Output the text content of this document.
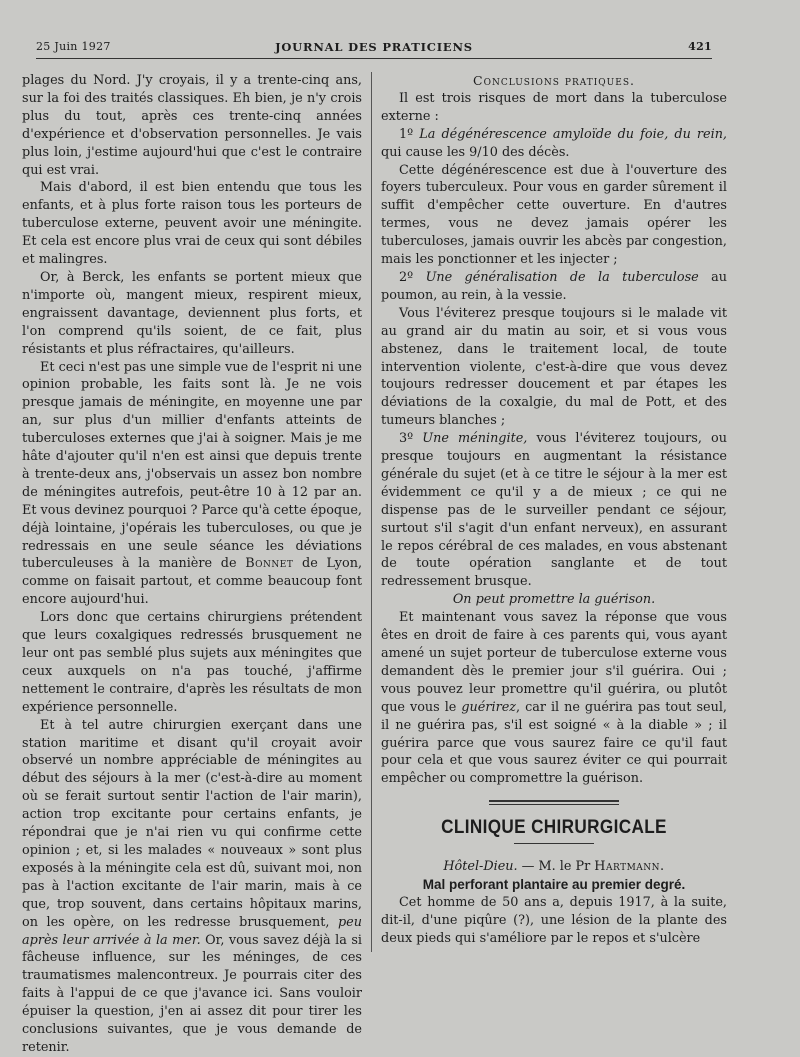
25 Juin 1927	JOURNAL DES PRATICIENS	421

plages du Nord. J'y croyais, il y a trente-cinq ans, sur la foi des traités classiques. Eh bien, je n'y crois plus du tout, après ces trente-cinq années d'expérience et d'observation personnelles. Je vais plus loin, j'estime aujourd'hui que c'est le contraire qui est vrai.

Mais d'abord, il est bien entendu que tous les enfants, et à plus forte raison tous les porteurs de tuberculose externe, peuvent avoir une méningite. Et cela est encore plus vrai de ceux qui sont débiles et malingres.

Or, à Berck, les enfants se portent mieux que n'importe où, mangent mieux, respirent mieux, engraissent davantage, deviennent plus forts, et l'on comprend qu'ils soient, de ce fait, plus résistants et plus réfractaires, qu'ailleurs.

Et ceci n'est pas une simple vue de l'esprit ni une opinion probable, les faits sont là. Je ne vois presque jamais de méningite, en moyenne une par an, sur plus d'un millier d'enfants atteints de tuberculoses externes que j'ai à soigner. Mais je me hâte d'ajouter qu'il n'en est ainsi que depuis trente à trente-deux ans, j'observais un assez bon nombre de méningites autrefois, peut-être 10 à 12 par an. Et vous devinez pourquoi ? Parce qu'à cette époque, déjà lointaine, j'opérais les tuberculoses, ou que je redressais en une seule séance les déviations tuberculeuses à la manière de Bonnet de Lyon, comme on faisait partout, et comme beaucoup font encore aujourd'hui.

Lors donc que certains chirurgiens prétendent que leurs coxalgiques redressés brusquement ne leur ont pas semblé plus sujets aux méningites que ceux auxquels on n'a pas touché, j'affirme nettement le contraire, d'après les résultats de mon expérience personnelle.

Et à tel autre chirurgien exerçant dans une station maritime et disant qu'il croyait avoir observé un nombre appréciable de méningites au début des séjours à la mer (c'est-à-dire au moment où se ferait surtout sentir l'action de l'air marin), action trop excitante pour certains enfants, je répondrai que je n'ai rien vu qui confirme cette opinion ; et, si les malades « nouveaux » sont plus exposés à la méningite cela est dû, suivant moi, non pas à l'action excitante de l'air marin, mais à ce que, trop souvent, dans certains hôpitaux marins, on les opère, on les redresse brusquement, peu après leur arrivée à la mer. Or, vous savez déjà la si fâcheuse influence, sur les méninges, de ces traumatismes malencontreux. Je pourrais citer des faits à l'appui de ce que j'avance ici. Sans vouloir épuiser la question, j'en ai assez dit pour tirer les conclusions suivantes, que je vous demande de retenir.

Conclusions pratiques.

Il est trois risques de mort dans la tuberculose externe :

1º La dégénérescence amyloïde du foie, du rein, qui cause les 9/10 des décès.

Cette dégénérescence est due à l'ouverture des foyers tuberculeux. Pour vous en garder sûrement il suffit d'empêcher cette ouverture. En d'autres termes, vous ne devez jamais opérer les tuberculoses, jamais ouvrir les abcès par congestion, mais les ponctionner et les injecter ;

2º Une généralisation de la tuberculose au poumon, au rein, à la vessie.

Vous l'éviterez presque toujours si le malade vit au grand air du matin au soir, et si vous vous abstenez, dans le traitement local, de toute intervention violente, c'est-à-dire que vous devez toujours redresser doucement et par étapes les déviations de la coxalgie, du mal de Pott, et des tumeurs blanches ;

3º Une méningite, vous l'éviterez toujours, ou presque toujours en augmentant la résistance générale du sujet (et à ce titre le séjour à la mer est évidemment ce qu'il y a de mieux ; ce qui ne dispense pas de le surveiller pendant ce séjour, surtout s'il s'agit d'un enfant nerveux), en assurant le repos cérébral de ces malades, en vous abstenant de toute opération sanglante et de tout redressement brusque.

On peut promettre la guérison.

Et maintenant vous savez la réponse que vous êtes en droit de faire à ces parents qui, vous ayant amené un sujet porteur de tuberculose externe vous demandent dès le premier jour s'il guérira. Oui ; vous pouvez leur promettre qu'il guérira, ou plutôt que vous le guérirez, car il ne guérira pas tout seul, il ne guérira pas, s'il est soigné « à la diable » ; il guérira parce que vous saurez faire ce qu'il faut pour cela et que vous saurez éviter ce qui pourrait empêcher ou compromettre la guérison.

CLINIQUE CHIRURGICALE

Hôtel-Dieu. — M. le Pr Hartmann.

Mal perforant plantaire au premier degré.

Cet homme de 50 ans a, depuis 1917, à la suite, dit-il, d'une piqûre (?), une lésion de la plante des deux pieds qui s'améliore par le repos et s'ulcère
